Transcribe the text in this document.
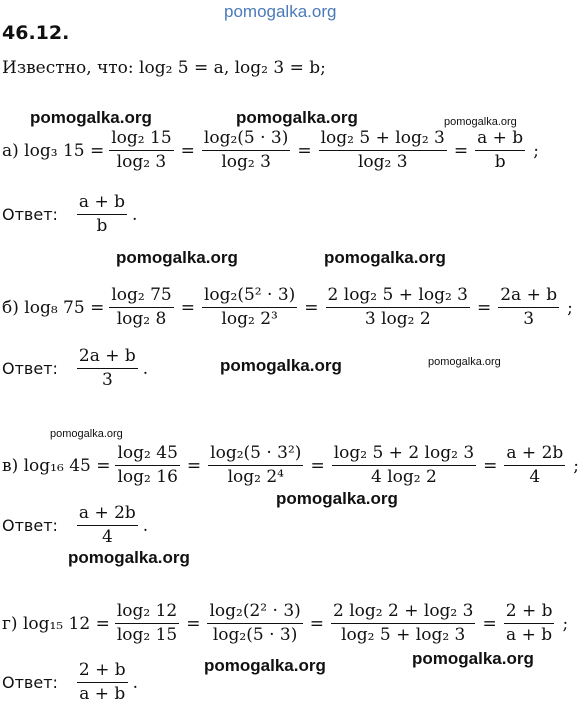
pomogalka.org
46.12.
Известно, что: log₂ 5 = a, log₂ 3 = b;
pomogalka.org	pomogalka.org	pomogalka.org
pomogalka.org	pomogalka.org
pomogalka.org	pomogalka.org
pomogalka.org
pomogalka.org
pomogalka.org
pomogalka.org	pomogalka.org
а) log₃ $15 = \frac{\text{log₂ 15}}{\text{log₂ 3}} = \frac{\text{log₂(5 · 3)}}{\text{log₂ 3}} = \frac{\text{log₂ 5 + log₂ 3}}{\text{log₂ 3}} = \frac{a + b}{b}$ ;
Ответ: $\frac{a + b}{b}$ .
б) log₈ $75 = \frac{\text{log₂ 75}}{\text{log₂ 8}} = \frac{\text{log₂(5² · 3)}}{\text{log₂ 2³}} = \frac{\text{2 log₂ 5 + log₂ 3}}{\text{3 log₂ 2}} = \frac{2a + b}{3}$ ;
Ответ: $\frac{2a + b}{3}$ .
в) log₁₆ $45 = \frac{\text{log₂ 45}}{\text{log₂ 16}} = \frac{\text{log₂(5 · 3²)}}{\text{log₂ 2⁴}} = \frac{\text{log₂ 5 + 2 log₂ 3}}{\text{4 log₂ 2}} = \frac{a + 2b}{4}$ ;
Ответ: $\frac{a + 2b}{4}$ .
г) log₁₅ $12 = \frac{\text{log₂ 12}}{\text{log₂ 15}} = \frac{\text{log₂(2² · 3)}}{\text{log₂(5 · 3)}} = \frac{\text{2 log₂ 2 + log₂ 3}}{\text{log₂ 5 + log₂ 3}} = \frac{2 + b}{a + b}$ ;
Ответ: $\frac{2 + b}{a + b}$ .
